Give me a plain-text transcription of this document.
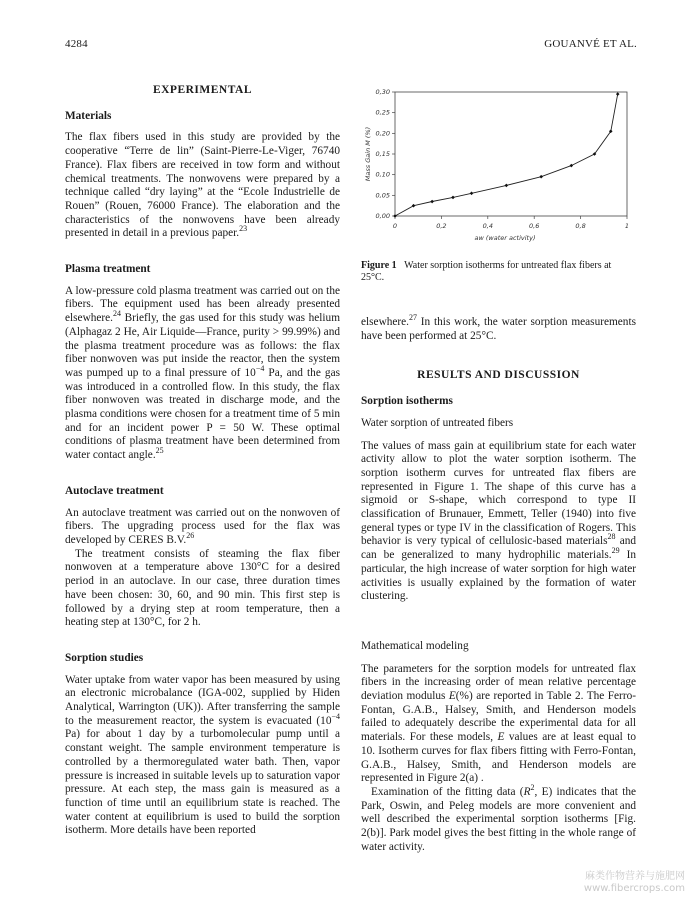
4284	GOUANVÉ ET AL.
EXPERIMENTAL
Materials

The flax fibers used in this study are provided by the cooperative “Terre de lin” (Saint-Pierre-Le-Viger, 76740 France). Flax fibers are received in tow form and without chemical treatments. The nonwovens were prepared by a technique called “dry laying” at the “Ecole Industrielle de Rouen” (Rouen, 76000 France). The elaboration and the characteristics of the nonwovens have been already presented in detail in a previous paper.$^{23}$

Plasma treatment

A low-pressure cold plasma treatment was carried out on the fibers. The equipment used has been already presented elsewhere.$^{24}$ Briefly, the gas used for this study was helium (Alphagaz 2 He, Air Liquide—France, purity > 99.99%) and the plasma treatment procedure was as follows: the flax fiber nonwoven was put inside the reactor, then the system was pumped up to a final pressure of $10^{-4}$ Pa, and the gas was introduced in a controlled flow. In this study, the flax fiber nonwoven was treated in discharge mode, and the plasma conditions were chosen for a treatment time of 5 min and for an incident power P = 50 W. These optimal conditions of plasma treatment have been determined from water contact angle.$^{25}$

Autoclave treatment

An autoclave treatment was carried out on the nonwoven of fibers. The upgrading process used for the flax was developed by CERES B.V.$^{26}$

The treatment consists of steaming the flax fiber nonwoven at a temperature above 130°C for a desired period in an autoclave. In our case, three duration times have been chosen: 30, 60, and 90 min. This first step is followed by a drying step at room temperature, then a heating step at 130°C, for 2 h.

Sorption studies

Water uptake from water vapor has been measured by using an electronic microbalance (IGA-002, supplied by Hiden Analytical, Warrington (UK)). After transferring the sample to the measurement reactor, the system is evacuated ($10^{-4}$ Pa) for about 1 day by a turbomolecular pump until a constant weight. The sample environment temperature is controlled by a thermoregulated water bath. Then, vapor pressure is increased in suitable levels up to saturation vapor pressure. At each step, the mass gain is measured as a function of time until an equilibrium state is reached. The water content at equilibrium is used to build the sorption isotherm. More details have been reported

0	0,2	0,4	0,6	0,8	1
0,00
0,05
0,10
0,15
0,20
0,25
0,30
aw (water activity)
Mass Gain M (%)
Figure 1 Water sorption isotherms for untreated flax fibers at 25°C.

elsewhere.$^{27}$ In this work, the water sorption measurements have been performed at 25°C.

RESULTS AND DISCUSSION
Sorption isotherms
Water sorption of untreated fibers

The values of mass gain at equilibrium state for each water activity allow to plot the water sorption isotherm. The sorption isotherm curves for untreated flax fibers are represented in Figure 1. The shape of this curve has a sigmoid or S-shape, which correspond to type II classification of Brunauer, Emmett, Teller (1940) into five general types or type IV in the classification of Rogers. This behavior is very typical of cellulosic-based materials$^{28}$ and can be generalized to many hydrophilic materials.$^{29}$ In particular, the high increase of water sorption for high water activities is usually explained by the formation of water clustering.

Mathematical modeling

The parameters for the sorption models for untreated flax fibers in the increasing order of mean relative percentage deviation modulus E(%) are reported in Table 2. The Ferro-Fontan, G.A.B., Halsey, Smith, and Henderson models failed to adequately describe the experimental data for all materials. For these models, E values are at least equal to 10. Isotherm curves for flax fibers fitting with Ferro-Fontan, G.A.B., Halsey, Smith, and Henderson models are represented in Figure 2(a) .

Examination of the fitting data ($R^2$, E) indicates that the Park, Oswin, and Peleg models are more convenient and well described the experimental sorption isotherms [Fig. 2(b)]. Park model gives the best fitting in the whole range of water activity.

麻类作物营养与施肥网
www.fibercrops.com
